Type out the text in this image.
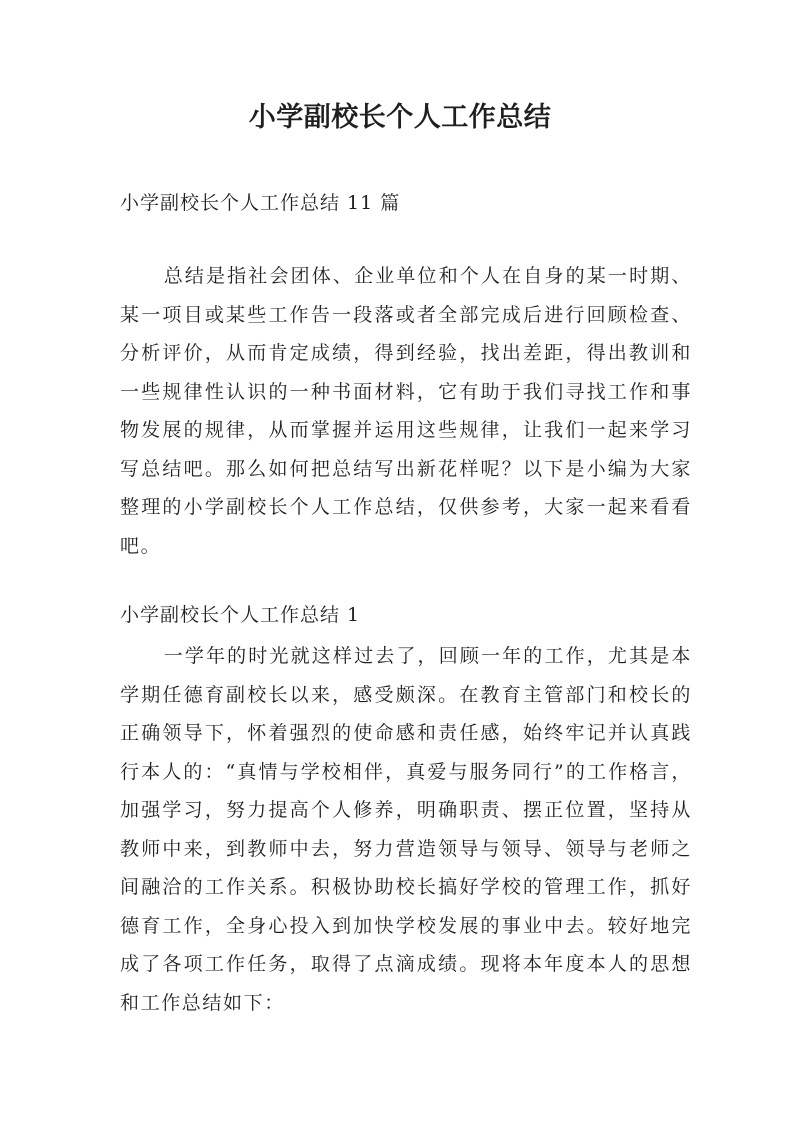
小学副校长个人工作总结

小学副校长个人工作总结 11 篇

总结是指社会团体、企业单位和个人在自身的某一时期、某一项目或某些工作告一段落或者全部完成后进行回顾检查、分析评价，从而肯定成绩，得到经验，找出差距，得出教训和一些规律性认识的一种书面材料，它有助于我们寻找工作和事物发展的规律，从而掌握并运用这些规律，让我们一起来学习写总结吧。那么如何把总结写出新花样呢？以下是小编为大家整理的小学副校长个人工作总结，仅供参考，大家一起来看看吧。

小学副校长个人工作总结 1

一学年的时光就这样过去了，回顾一年的工作，尤其是本学期任德育副校长以来，感受颇深。在教育主管部门和校长的正确领导下，怀着强烈的使命感和责任感，始终牢记并认真践行本人的：“真情与学校相伴，真爱与服务同行”的工作格言，加强学习，努力提高个人修养，明确职责、摆正位置，坚持从教师中来，到教师中去，努力营造领导与领导、领导与老师之间融洽的工作关系。积极协助校长搞好学校的管理工作，抓好德育工作，全身心投入到加快学校发展的事业中去。较好地完成了各项工作任务，取得了点滴成绩。现将本年度本人的思想和工作总结如下：
